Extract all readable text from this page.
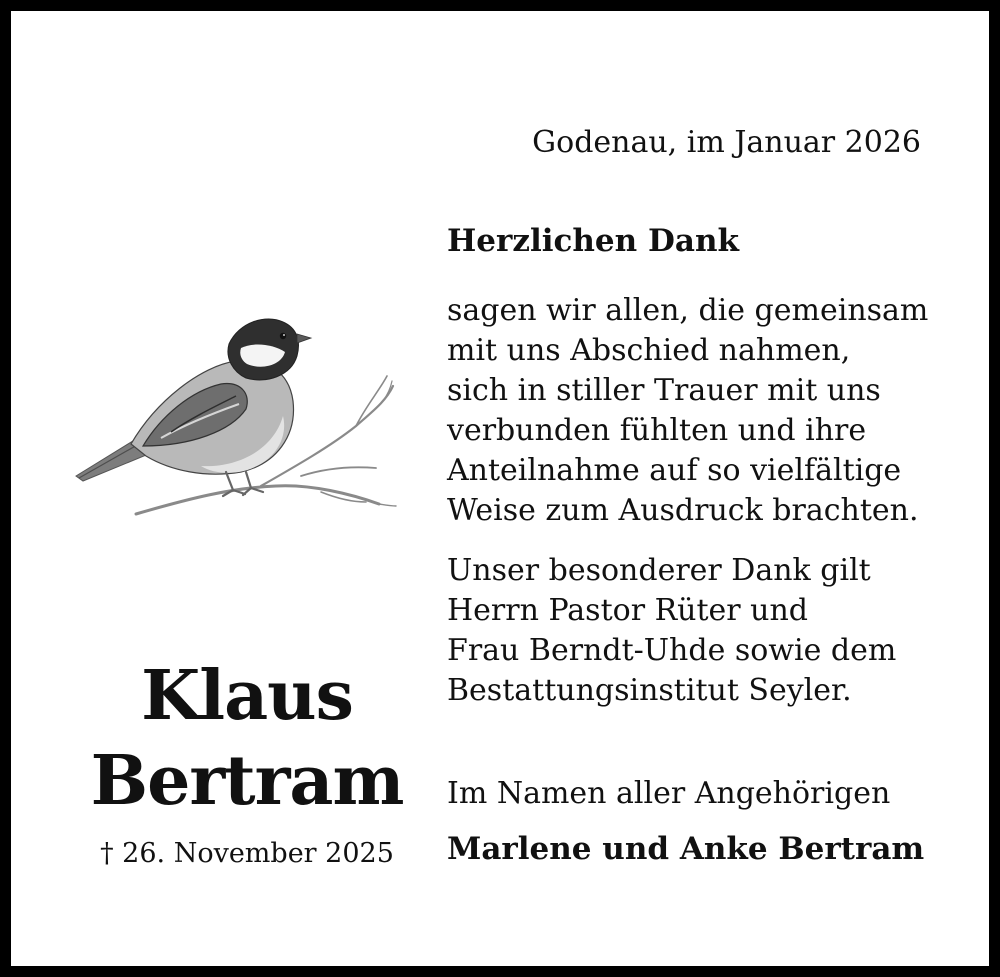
Godenau, im Januar 2026

Herzlichen Dank

sagen wir allen, die gemeinsam
mit uns Abschied nahmen,
sich in stiller Trauer mit uns
verbunden fühlten und ihre
Anteilnahme auf so vielfältige
Weise zum Ausdruck brachten.

Unser besonderer Dank gilt
Herrn Pastor Rüter und
Frau Berndt-Uhde sowie dem
Bestattungsinstitut Seyler.

Klaus
Bertram
† 26. November 2025

Im Namen aller Angehörigen

Marlene und Anke Bertram
